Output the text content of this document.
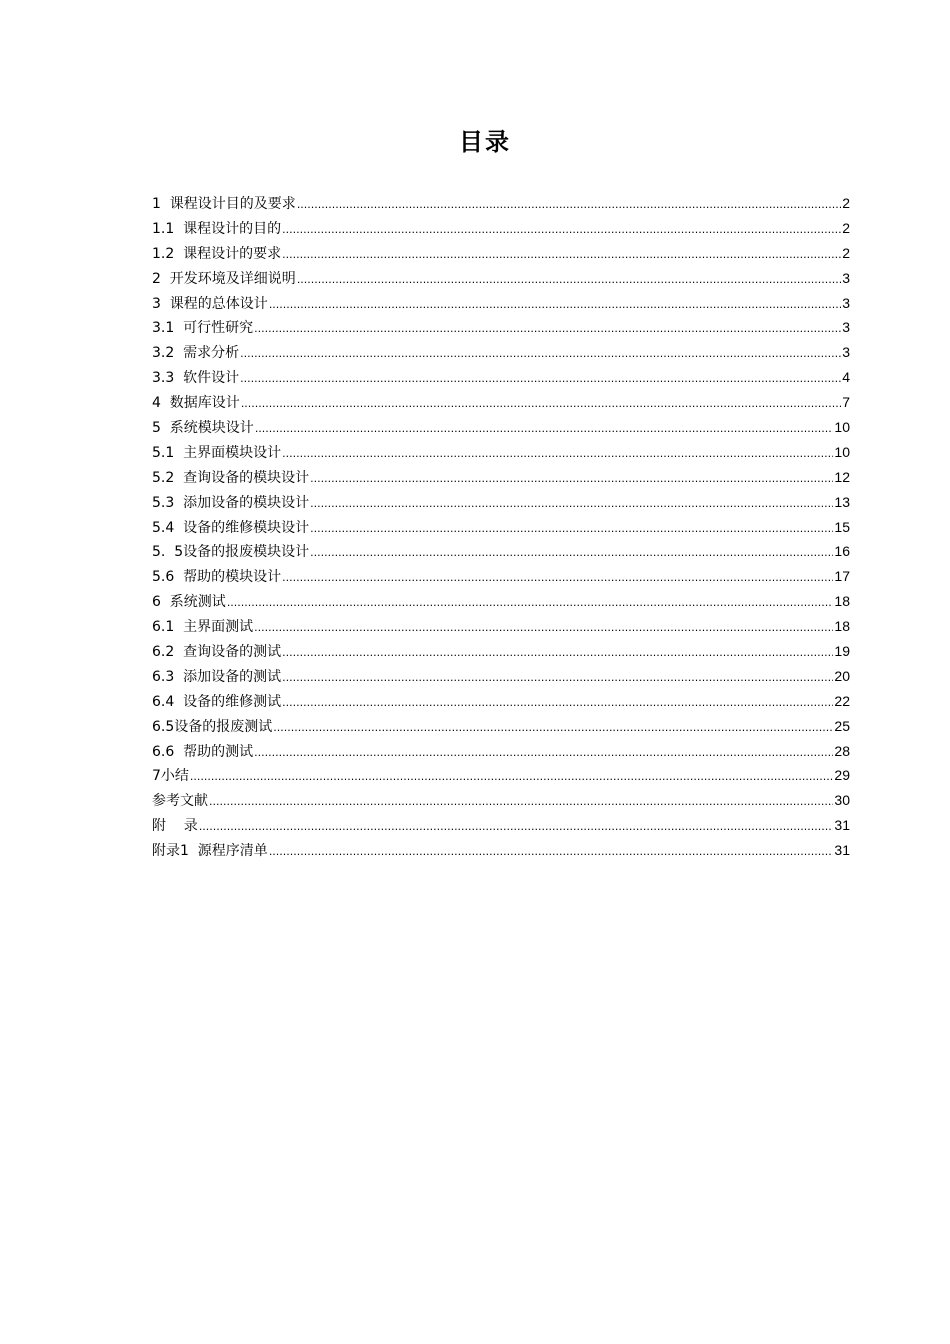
目录
1  课程设计目的及要求 .....	2
1.1  课程设计的目的 .....	2
1.2  课程设计的要求 .....	2
2  开发环境及详细说明 .....	3
3  课程的总体设计 .....	3
3.1  可行性研究 .....	3
3.2  需求分析 .....	3
3.3  软件设计 .....	4
4  数据库设计 .....	7
5  系统模块设计 .....	10
5.1  主界面模块设计 .....	10
5.2  查询设备的模块设计 .....	12
5.3  添加设备的模块设计 .....	13
5.4  设备的维修模块设计 .....	15
5.  5设备的报废模块设计 .....	16
5.6  帮助的模块设计 .....	17
6  系统测试 .....	18
6.1  主界面测试 .....	18
6.2  查询设备的测试 .....	19
6.3  添加设备的测试 .....	20
6.4  设备的维修测试 .....	22
6.5设备的报废测试 .....	25
6.6  帮助的测试 .....	28
7小结 .....	29
参考文献 .....	30
附    录 .....	31
附录1  源程序清单 .....	31
